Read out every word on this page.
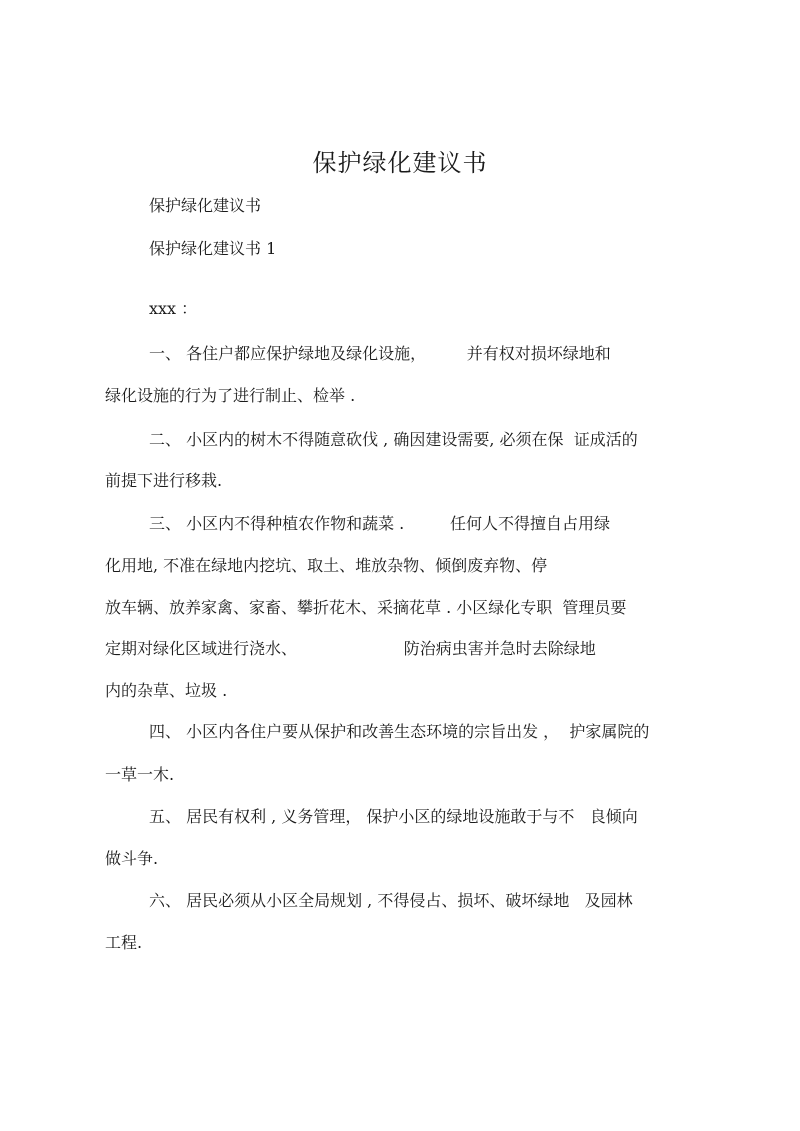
保护绿化建议书
保护绿化建议书
保护绿化建议书 1
xxx ：
一、 各住户都应保护绿地及绿化设施，        并有权对损坏绿地和
绿化设施的行为了进行制止、检举 .
二、 小区内的树木不得随意砍伐 , 确因建设需要, 必须在保  证成活的
前提下进行移栽.
三、 小区内不得种植农作物和蔬菜 .         任何人不得擅自占用绿
化用地, 不准在绿地内挖坑、取土、堆放杂物、倾倒废弃物、停
放车辆、放养家禽、家畜、攀折花木、采摘花草 . 小区绿化专职  管理员要
定期对绿化区域进行浇水、                     防治病虫害并急时去除绿地
内的杂草、垃圾 .
四、 小区内各住户要从保护和改善生态环境的宗旨出发 ，  护家属院的
一草一木.
五、 居民有权利 , 义务管理， 保护小区的绿地设施敢于与不   良倾向
做斗争.
六、 居民必须从小区全局规划 , 不得侵占、损坏、破坏绿地   及园林
工程.
